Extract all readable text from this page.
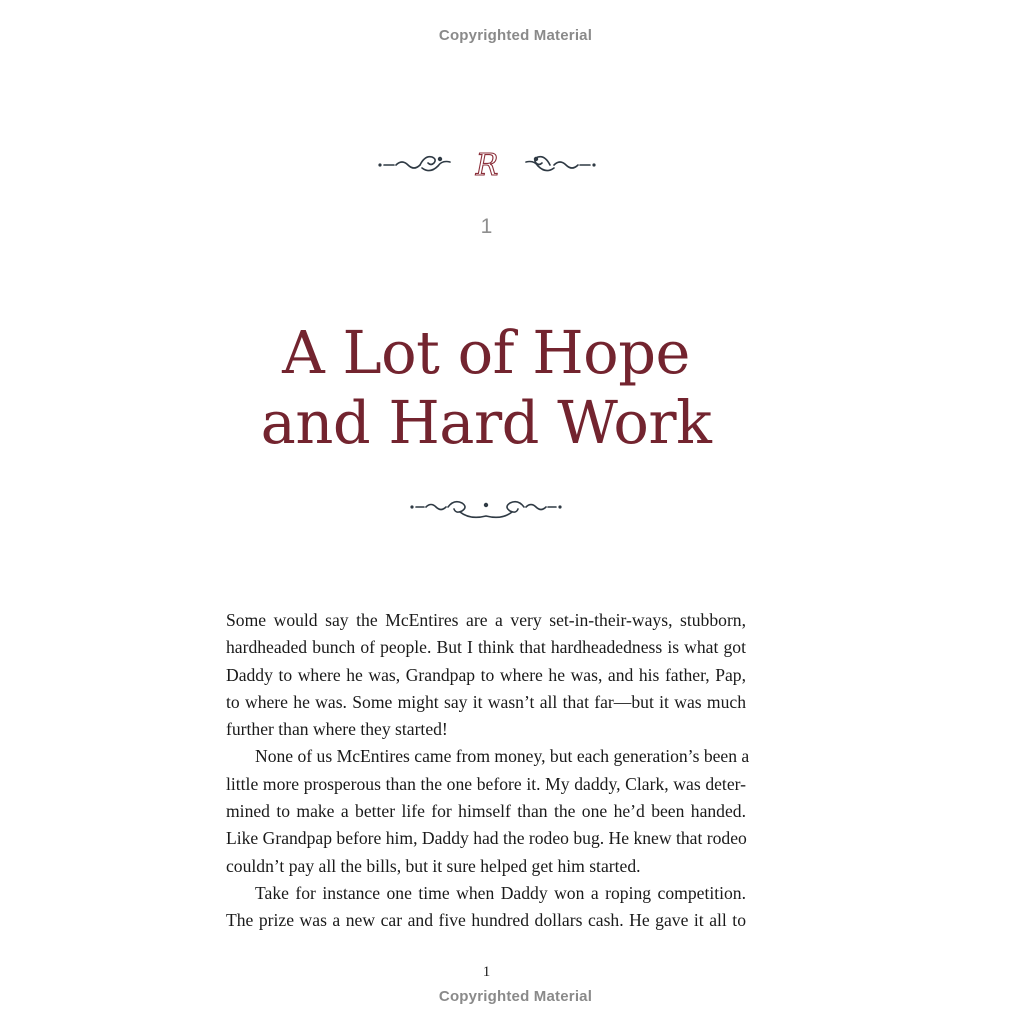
Copyrighted Material
R
1
A Lot of Hope
and Hard Work

Some would say the McEntires are a very set-in-their-ways, stubborn,
hardheaded bunch of people. But I think that hardheadedness is what got
Daddy to where he was, Grandpap to where he was, and his father, Pap,
to where he was. Some might say it wasn’t all that far—but it was much
further than where they started!

None of us McEntires came from money, but each generation’s been a
little more prosperous than the one before it. My daddy, Clark, was deter-
mined to make a better life for himself than the one he’d been handed.
Like Grandpap before him, Daddy had the rodeo bug. He knew that rodeo
couldn’t pay all the bills, but it sure helped get him started.

Take for instance one time when Daddy won a roping competition.
The prize was a new car and five hundred dollars cash. He gave it all to

1
Copyrighted Material
